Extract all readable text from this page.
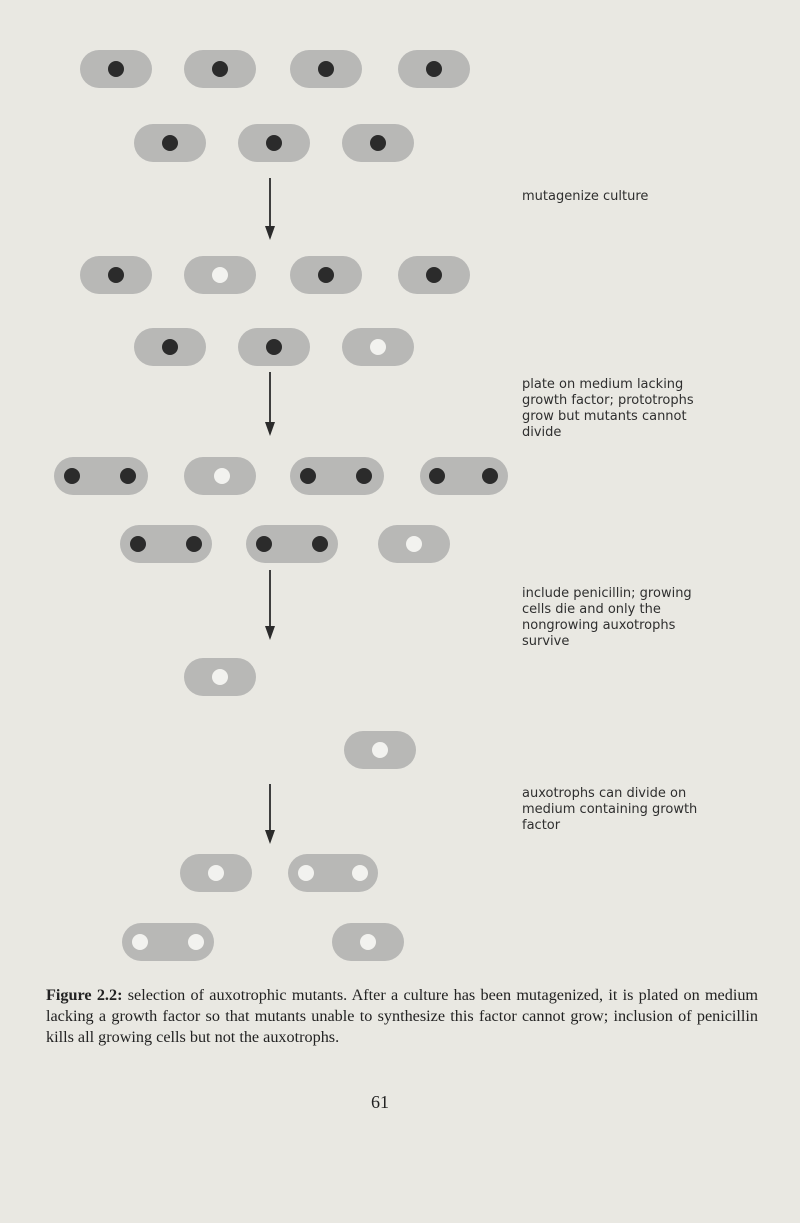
mutagenize culture
plate on medium lacking growth factor; prototrophs grow but mutants cannot divide
include penicillin; growing cells die and only the nongrowing auxotrophs survive
auxotrophs can divide on medium containing growth factor
Figure 2.2: selection of auxotrophic mutants. After a culture has been mutagenized, it is plated on medium lacking a growth factor so that mutants unable to synthesize this factor cannot grow; inclusion of penicillin kills all growing cells but not the auxotrophs.
61
